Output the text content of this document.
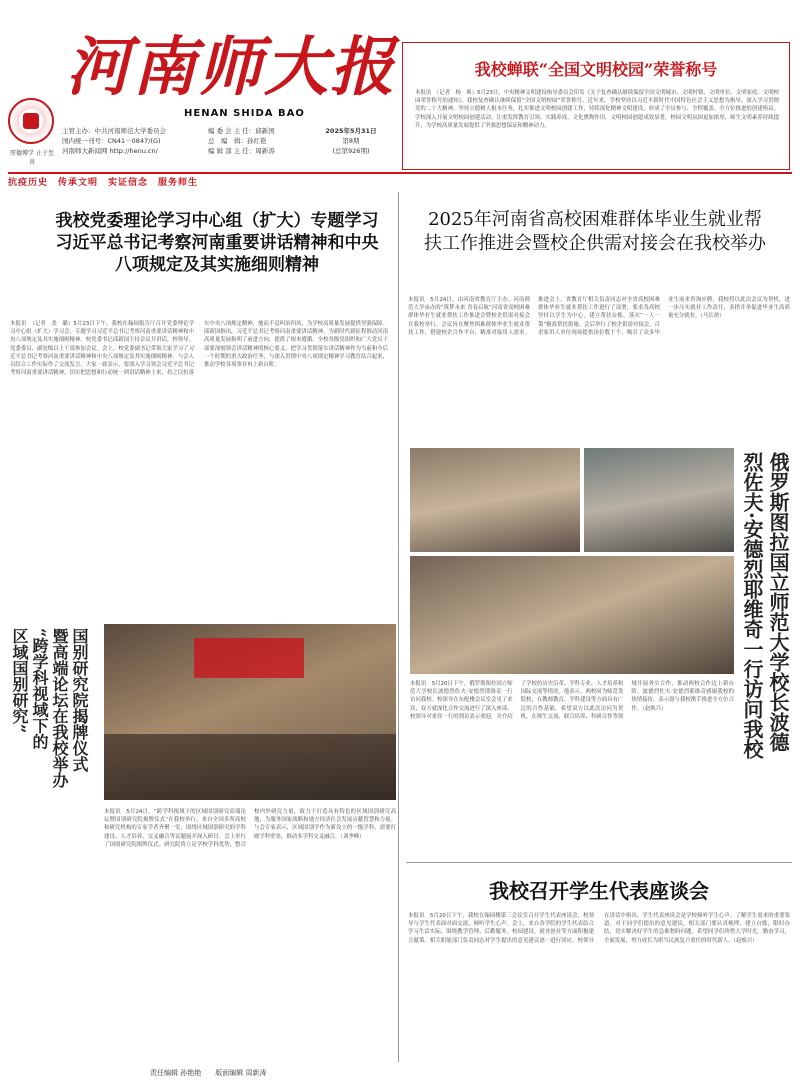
河南师大报
HENAN SHIDA BAO
厚德博学 止于至善
主管主办：中共河南师范大学委员会
国内统一刊号：CN41－0847/(G)
河南师大新闻网 http://henu.cn/
编 委 会 主 任：邱新国
总　编　辑：孙红艳
编 辑 部 主 任：周新涛
2025年5月31日
第8期
(总第926期)
抗疫历史　传承文明　实证信念　服务师生
我校蝉联“全国文明校园”荣誉称号
本报讯　（记者　杨　爽）5月23日，中央精神文明建设指导委员会印发《关于复查确认继续保留全国文明城市、文明村镇、文明单位、文明家庭、文明校园荣誉称号的通知》，我校复查确认继续保留“全国文明校园”荣誉称号。近年来，学校坚持以习近平新时代中国特色社会主义思想为指导，深入学习贯彻党的二十大精神，坚持立德树人根本任务，扎实推进文明校园创建工作，持续深化精神文明建设，形成了全员参与、全程覆盖、全方位推进的创建格局。学校深入开展文明校园创建活动，注重发挥教育引领、实践养成、文化熏陶作用，文明校园创建成效显著，校园文明氛围更加浓厚，师生文明素养持续提升，为学校高质量发展提供了坚强思想保证和精神动力。
我校党委理论学习中心组（扩大）专题学习习近平总书记考察河南重要讲话精神和中央八项规定及其实施细则精神
本报讯　（记者　张　璐）5月23日下午，我校在翰园报告厅召开党委理论学习中心组（扩大）学习会，专题学习习近平总书记考察河南重要讲话精神和中央八项规定及其实施细则精神。校党委书记邱新国主持会议并讲话，校领导、党委委员、副处级以上干部参加会议。会上，校党委副书记带领大家学习了习近平总书记考察河南重要讲话精神和中央八项规定及其实施细则精神。与会人员结合工作实际作了交流发言，大家一致表示，要深入学习领会习近平总书记考察河南重要讲话精神，切实把思想和行动统一到讲话精神上来，持之以恒落实中央八项规定精神，驰而不息纠治四风，为学校高质量发展提供坚强保障。邱新国指出，习近平总书记考察河南重要讲话精神，为新时代新征程推动河南高质量发展指明了前进方向，提供了根本遵循。全校各级党组织和广大党员干部要深刻领会讲话精神的核心要义，把学习贯彻落实讲话精神作为当前和今后一个时期的重大政治任务，与深入贯彻中央八项规定精神学习教育结合起来，推动学校各项事业再上新台阶。
国别研究院揭牌仪式
暨高端论坛在我校举办
“跨学科视域下的
区域国别研究”
本报讯　5月24日，“跨学科视域下的区域国别研究高端论坛暨国别研究院揭牌仪式”在我校举行。来自全国多所高校和研究机构的专家学者齐聚一堂，围绕区域国别研究的学科建设、人才培养、交叉融合等议题展开深入研讨。会上举行了国别研究院揭牌仪式。研究院将立足学校学科优势，整合校内外研究力量，致力于打造具有特色的区域国别研究高地，为服务国家战略和地方经济社会发展贡献智慧和力量。与会专家表示，区域国别学作为新设立的一级学科，需要打破学科壁垒，推动多学科交叉融合。（刘季峰）
2025年河南省高校困难群体毕业生就业帮扶工作推进会暨校企供需对接会在我校举办
本报讯　5月24日，由河南省教育厅主办、河南师范大学承办的“筑梦未来 青春启航”河南省高校困难群体毕业生就业帮扶工作推进会暨校企供需对接会在我校举行。会议旨在聚焦困难群体毕业生就业帮扶工作，搭建校企合作平台，精准对接用人需求。推进会上，省教育厅相关负责同志对全省高校困难群体毕业生就业帮扶工作进行了部署，要求各高校坚持以学生为中心，建立帮扶台账，落实“一人一策”精准帮扶措施。会后举行了校企供需对接会，百余家用人单位现场提供岗位数千个，吸引了众多毕业生前来咨询应聘。我校将以此次会议为契机，进一步压实就业工作责任，多措并举促进毕业生高质量充分就业。（马长侠）
俄罗斯图拉国立师范大学校长波德
烈佐夫·安德烈耶维奇一行访问我校
本报讯　5月20日下午，俄罗斯图拉国立师范大学校长波德烈佐夫·安德烈耶维奇一行访问我校。校领导在东配楼会议室会见了来宾，双方就深化合作交流进行了深入座谈。校领导对来宾一行的到访表示欢迎，并介绍了学校的历史沿革、学科专业、人才培养和国际交流等情况。他表示，两校同为师范类院校，在教师教育、学科建设等方面具有广泛的合作基础，希望双方以此次访问为契机，在师生交流、联合培养、科研合作等领域开展务实合作，推动两校合作迈上新台阶。波德烈佐夫·安德烈耶维奇感谢我校的热情接待，表示愿与我校携手推进全方位合作。（赵焕兴）
我校召开学生代表座谈会
本报讯　5月20日下午，我校在翰园楼第三会议室召开学生代表座谈会，校领导与学生代表面对面交流，倾听学生心声。会上，来自各学院的学生代表结合学习生活实际，围绕教学管理、后勤服务、校园建设、就业创业等方面积极建言献策。相关职能部门负责同志对学生提出的意见建议逐一进行回应。校领导在讲话中指出，学生代表座谈会是学校倾听学生心声、了解学生需求的重要渠道。对于同学们提出的意见建议，相关部门要认真梳理，建立台账，限时办结，切实解决好学生的急难愁盼问题。希望同学们珍惜大学时光，勤奋学习，全面发展，努力成长为堪当民族复兴重任的时代新人。（赵焕兴）
责任编辑 孙艳艳　　版面编辑 周新涛
